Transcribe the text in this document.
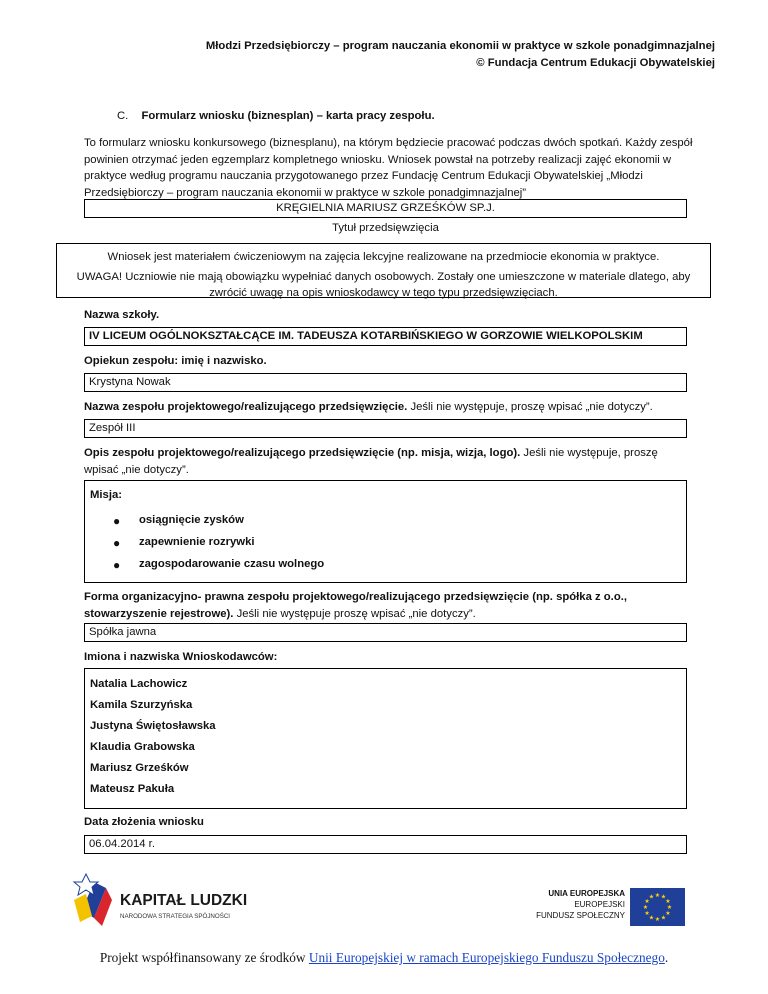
Młodzi Przedsiębiorczy – program nauczania ekonomii w praktyce w szkole ponadgimnazjalnej
© Fundacja Centrum Edukacji Obywatelskiej
C. Formularz wniosku (biznesplan) – karta pracy zespołu.
To formularz wniosku konkursowego (biznesplanu), na którym będziecie pracować podczas dwóch spotkań. Każdy zespół powinien otrzymać jeden egzemplarz kompletnego wniosku. Wniosek powstał na potrzeby realizacji zajęć ekonomii w praktyce według programu nauczania przygotowanego przez Fundację Centrum Edukacji Obywatelskiej „Młodzi Przedsiębiorczy – program nauczania ekonomii w praktyce w szkole ponadgimnazjalnej”
KRĘGIELNIA MARIUSZ GRZEŚKÓW SP.J.
Tytuł przedsięwzięcia

Wniosek jest materiałem ćwiczeniowym na zajęcia lekcyjne realizowane na przedmiocie ekonomia w praktyce.

UWAGA! Uczniowie nie mają obowiązku wypełniać danych osobowych. Zostały one umieszczone w materiale dlatego, aby zwrócić uwagę na opis wnioskodawcy w tego typu przedsięwzięciach.

Nazwa szkoły.
IV LICEUM OGÓLNOKSZTAŁCĄCE IM. TADEUSZA KOTARBIŃSKIEGO W GORZOWIE WIELKOPOLSKIM
Opiekun zespołu: imię i nazwisko.
Krystyna Nowak
Nazwa zespołu projektowego/realizującego przedsięwzięcie. Jeśli nie występuje, proszę wpisać „nie dotyczy”.
Zespół III
Opis zespołu projektowego/realizującego przedsięwzięcie (np. misja, wizja, logo). Jeśli nie występuje, proszę wpisać „nie dotyczy”.
Misja:
● osiągnięcie zysków
● zapewnienie rozrywki
● zagospodarowanie czasu wolnego
Forma organizacyjno- prawna zespołu projektowego/realizującego przedsięwzięcie (np. spółka z o.o., stowarzyszenie rejestrowe). Jeśli nie występuje proszę wpisać „nie dotyczy”.
Spółka jawna
Imiona i nazwiska Wnioskodawców:
Natalia Lachowicz
Kamila Szurzyńska
Justyna Świętosławska
Klaudia Grabowska
Mariusz Grześków
Mateusz Pakuła
Data złożenia wniosku
06.04.2014 r.
KAPITAŁ LUDZKI
NARODOWA STRATEGIA SPÓJNOŚCI
UNIA EUROPEJSKA
EUROPEJSKI
FUNDUSZ SPOŁECZNY
★
★
★
★
★
★
★
★
★ ★ ★
★
Projekt współfinansowany ze środków Unii Europejskiej w ramach Europejskiego Funduszu Społecznego.
